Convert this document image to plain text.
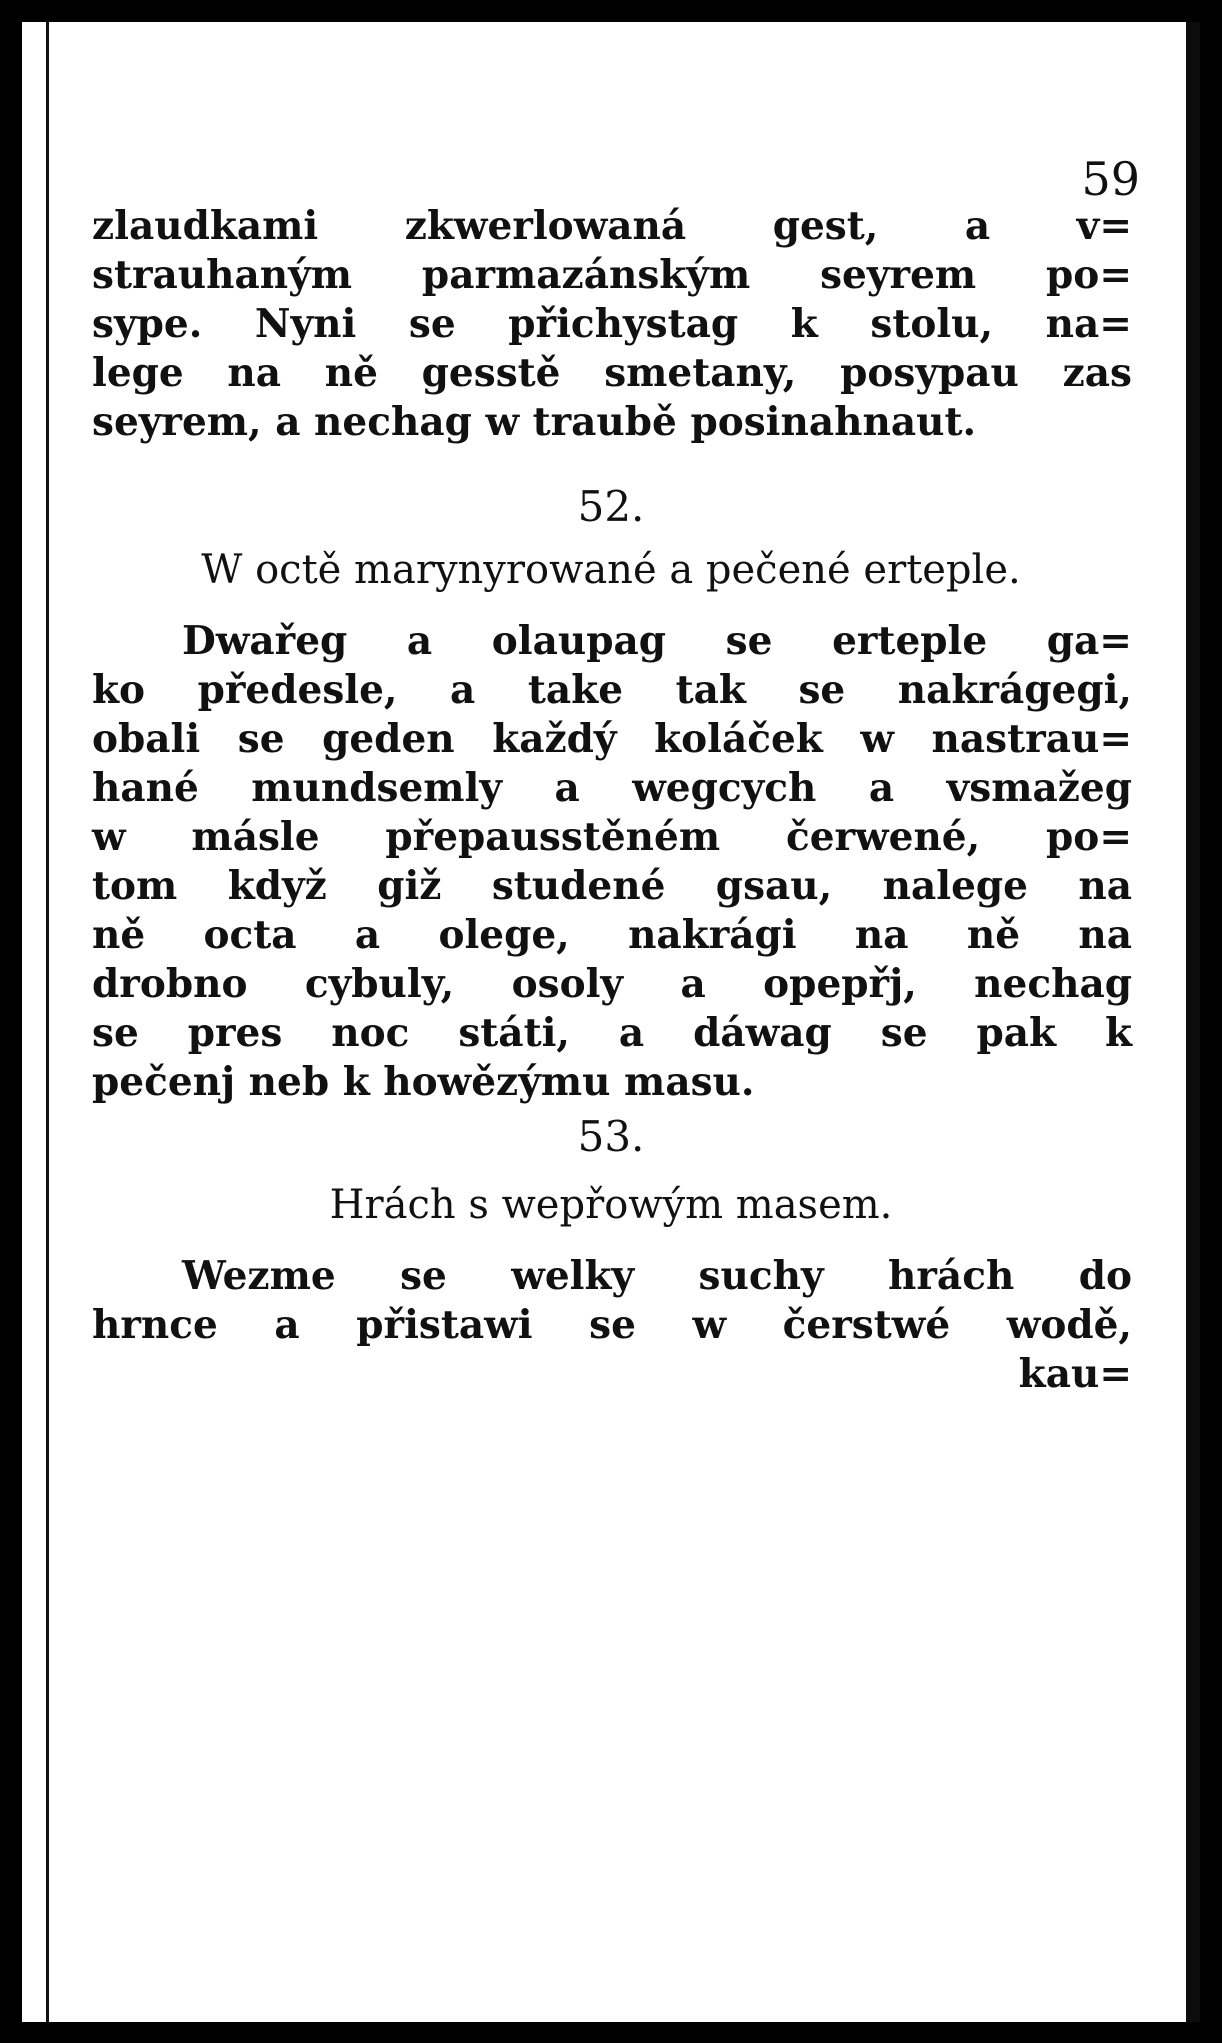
59
zlaudkami zkwerlowaná gest, a v=
strauhaným parmazánským seyrem po=
sype. Nyni se přichystag k stolu, na=
lege na ně gesstě smetany, posypau zas
seyrem, a nechag w traubě posinahnaut.
52.
W octě marynyrowané a pečené erteple.
Dwařeg a olaupag se erteple ga=
ko předesle, a take tak se nakrágegi,
obali se geden každý koláček w nastrau=
hané mundsemly a wegcych a vsmažeg
w másle přepausstěném čerwené, po=
tom když giž studené gsau, nalege na
ně octa a olege, nakrági na ně na
drobno cybuly, osoly a opepřj, nechag
se pres noc státi, a dáwag se pak k
pečenj neb k howězýmu masu.
53.
Hrách s wepřowým masem.
Wezme se welky suchy hrách do
hrnce a přistawi se w čerstwé wodě,
kau=
